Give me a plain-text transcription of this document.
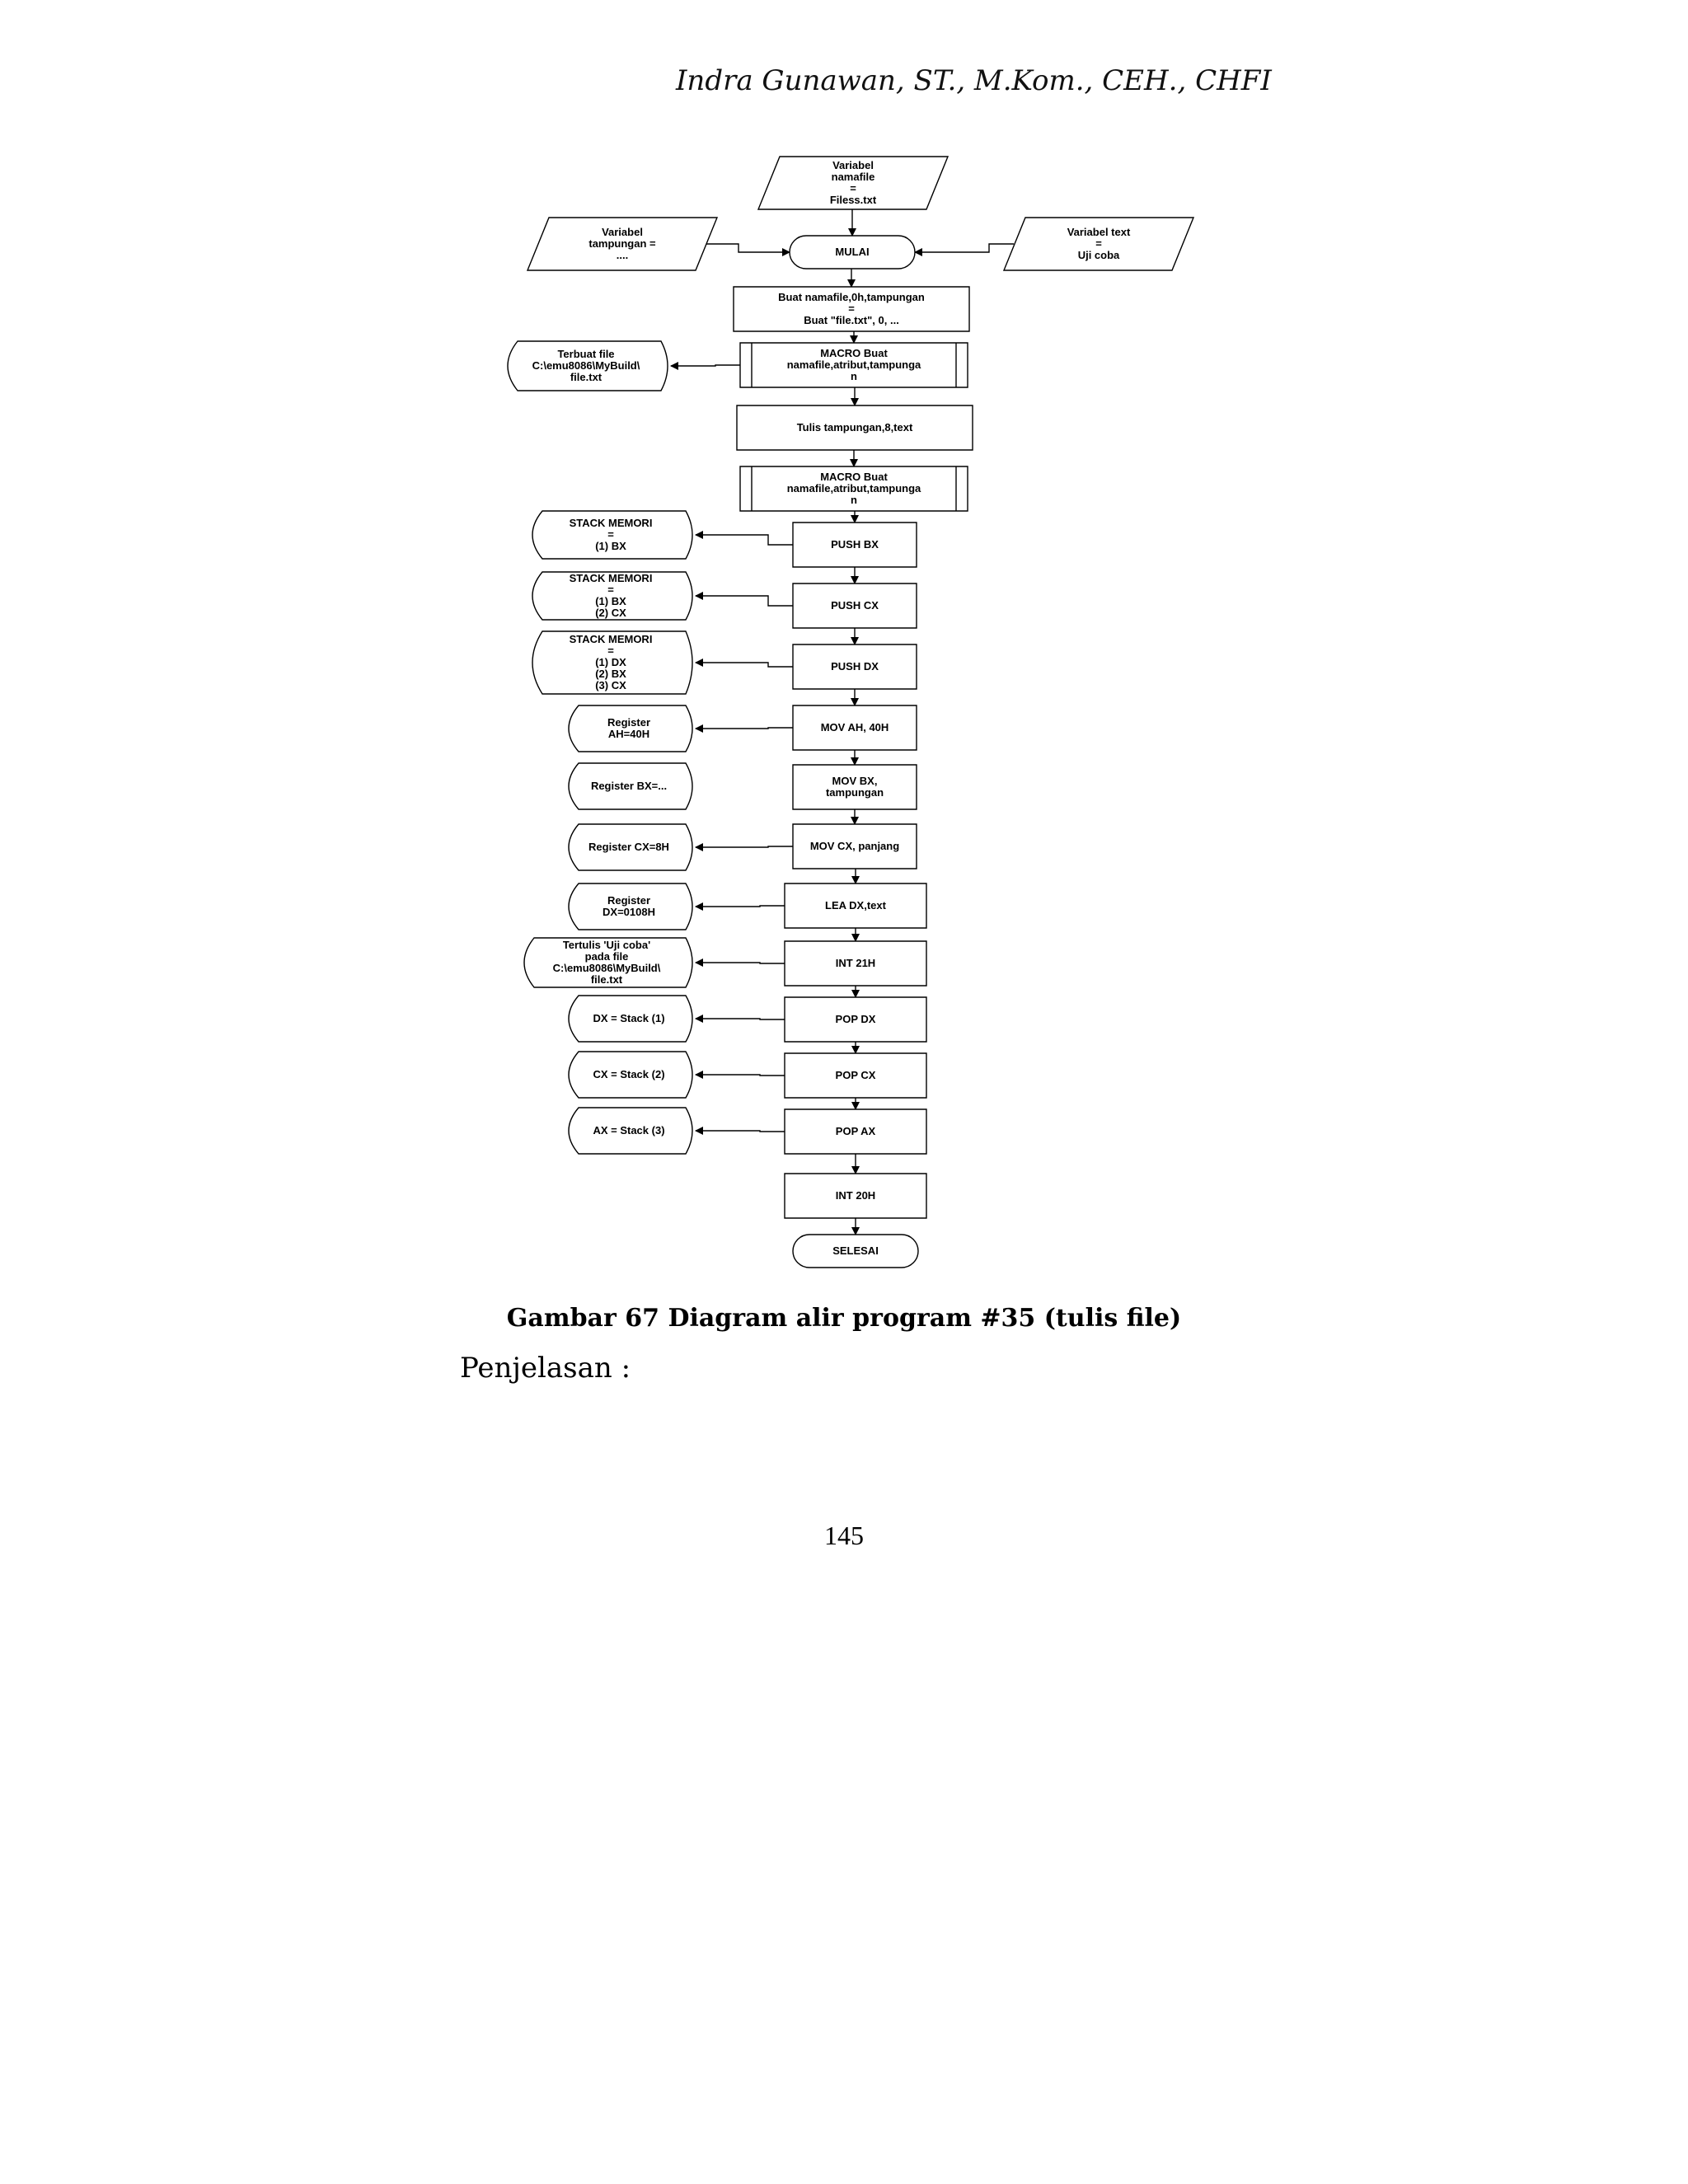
Indra Gunawan, ST., M.Kom., CEH., CHFI
Variabel
namafile
=
Filess.txt
Variabel
tampungan =
....	MULAI
Variabel text
=
Uji coba
Buat namafile,0h,tampungan
=
Buat "file.txt", 0, ...
Terbuat file
C:\emu8086\MyBuild\
file.txt
MACRO Buat
namafile,atribut,tampunga
n
Tulis tampungan,8,text
MACRO Buat
namafile,atribut,tampunga
n
PUSH BX
STACK MEMORI
=
(1) BX
PUSH CX
STACK MEMORI
=
(1) BX
(2) CX
PUSH DX
STACK MEMORI
=
(1) DX
(2) BX
(3) CX
MOV AH, 40H
Register
AH=40H
MOV BX,
tampungan
Register BX=...
MOV CX, panjang
Register CX=8H
LEA DX,text
Register
DX=0108H
INT 21H
Tertulis 'Uji coba'
pada file
C:\emu8086\MyBuild\
file.txt
POP DX
DX = Stack (1)
POP CX
CX = Stack (2)
POP AX
AX = Stack (3)
INT 20H
SELESAI
Gambar 67 Diagram alir program #35 (tulis file)
Penjelasan :
145
